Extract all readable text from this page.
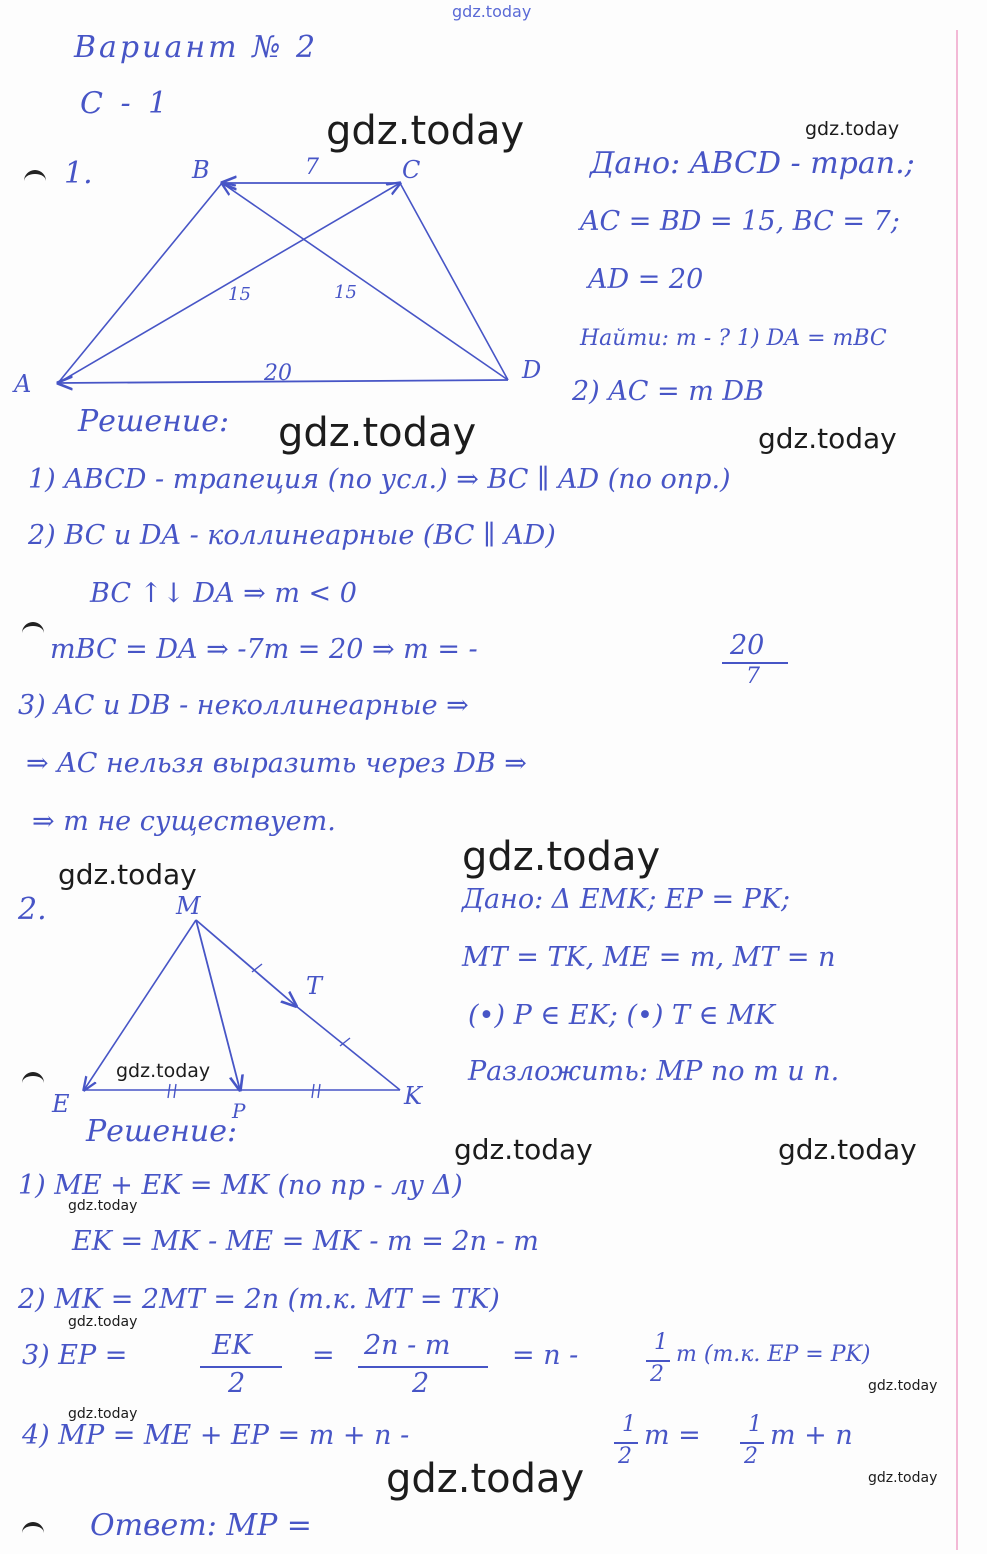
gdz.today
Вариант № 2
С - 1
gdz.today	gdz.today
gdz.today	gdz.today
gdz.today
gdz.today
gdz.today
gdz.today	gdz.today
gdz.today
gdz.today
gdz.today
gdz.today
gdz.today	gdz.today
1.	B	C
A	D
7
20
15	15
M
T
E	P
K
Дано: ABCD - трап.;
AC = BD = 15, BC = 7;
AD = 20
Найти: m - ? 1) DA = mBC
2) AC = m DB
Решение:
1) ABCD - трапеция (по усл.) ⇒ BC ∥ AD (по опр.)
2) BC и DA - коллинеарные (BC ∥ AD)
BC ↑↓ DA ⇒ m < 0
mBC = DA ⇒ -7m = 20 ⇒ m = -	20
7
3) AC и DB - неколлинеарные ⇒
⇒ AC нельзя выразить через DB ⇒
⇒ m не существует.
2.	Дано: Δ EMK; EP = PK;
MT = TK, ME = m, MT = n
(•) P ∈ EK; (•) T ∈ MK
Разложить: MP по m и n.
Решение:
1) ME + EK = MK (по пр - лу Δ)
EK = MK - ME = MK - m = 2n - m
2) MK = 2MT = 2n (т.к. MT = TK)
3) EP =	EK
2
= 2n - m
2
= n -	1
2
m (т.к. EP = PK)
4) MP = ME + EP = m + n -	1
2
m = 1
2
m + n
Ответ: MP =
